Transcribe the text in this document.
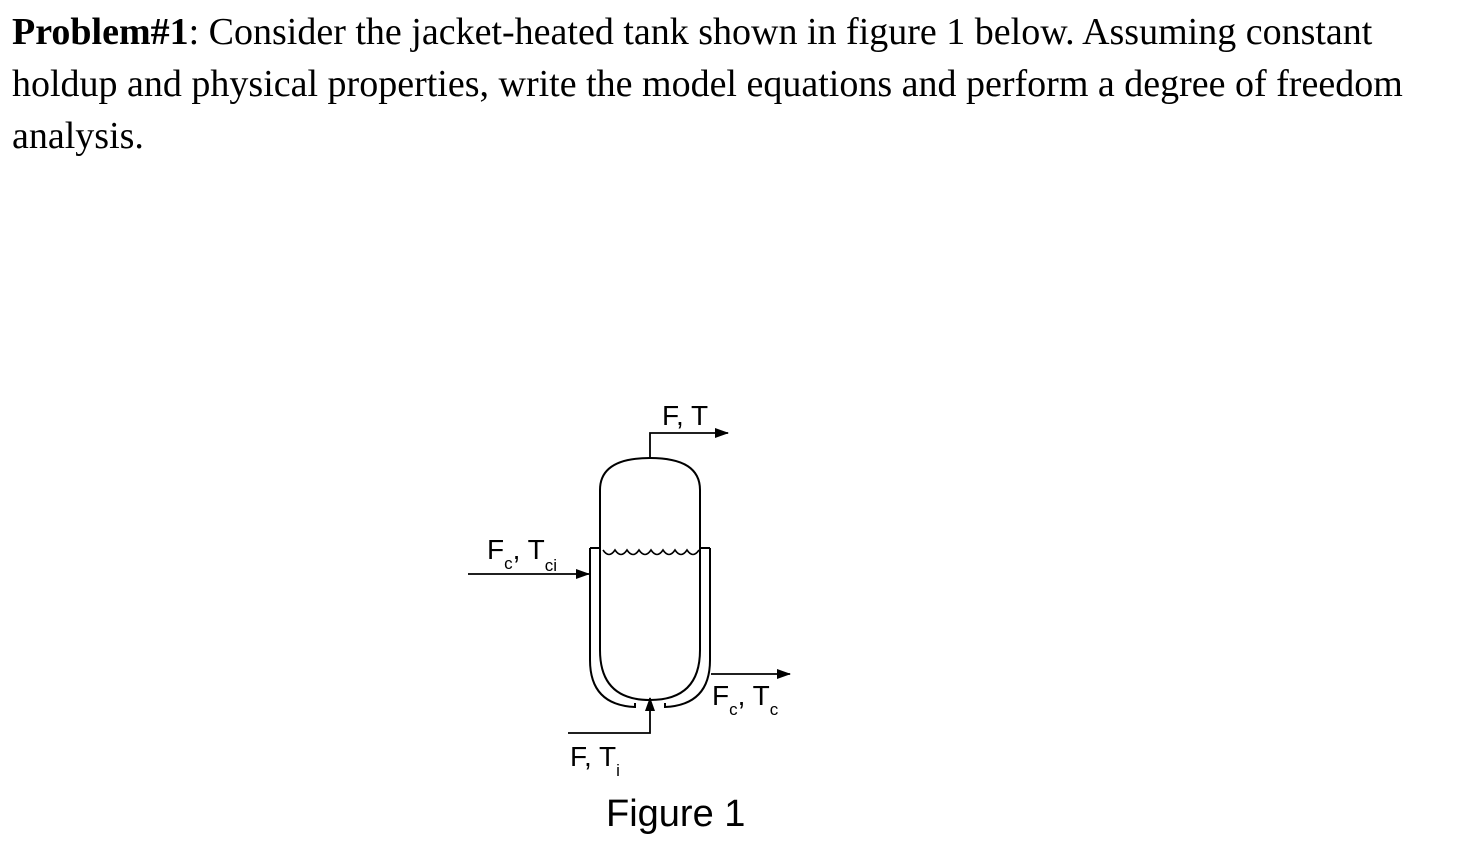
Problem#1: Consider the jacket-heated tank shown in figure 1 below. Assuming constant holdup and physical properties, write the model equations and perform a degree of freedom analysis.

F, T
$F_c$, $T_{ci}$
$F_c$, $T_c$
F, $T_i$
Figure 1
